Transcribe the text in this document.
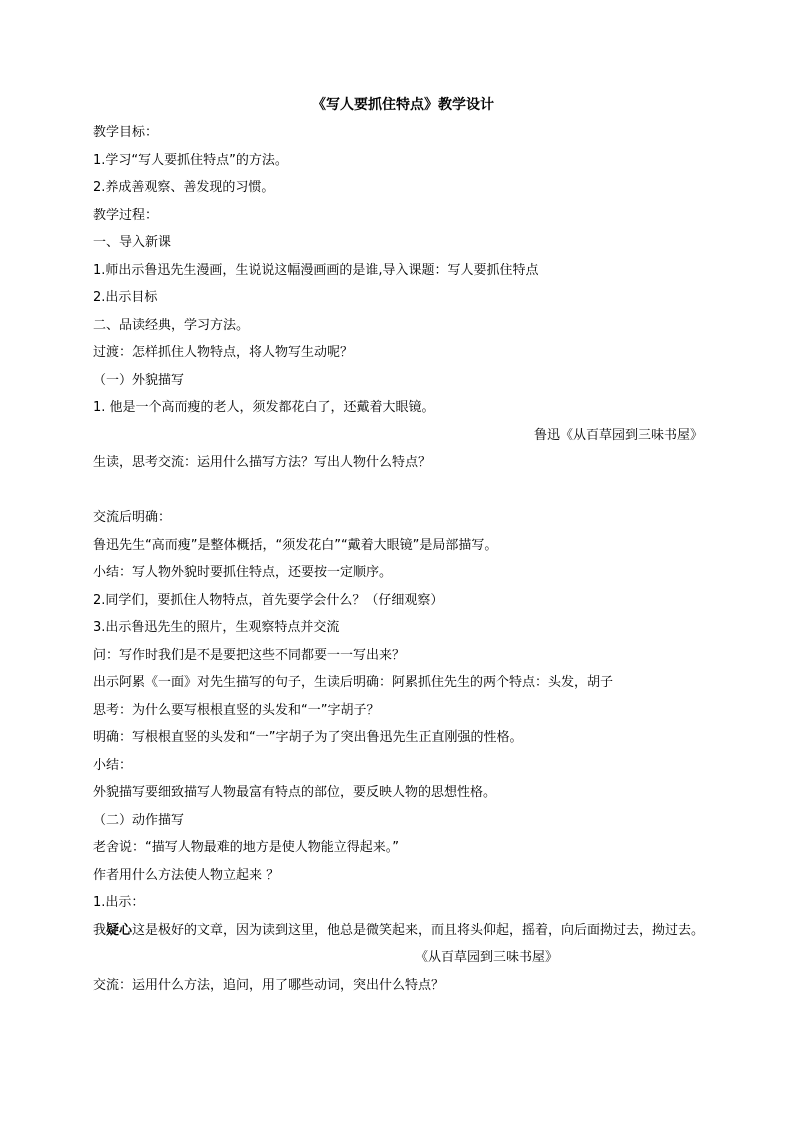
《写人要抓住特点》教学设计
教学目标：
1.学习“写人要抓住特点”的方法。
2.养成善观察、善发现的习惯。
教学过程：
一、导入新课
1.师出示鲁迅先生漫画，生说说这幅漫画画的是谁,导入课题：写人要抓住特点
2.出示目标
二、品读经典，学习方法。
过渡：怎样抓住人物特点，将人物写生动呢？
（一）外貌描写
1. 他是一个高而瘦的老人，须发都花白了，还戴着大眼镜。
鲁迅《从百草园到三味书屋》
生读，思考交流：运用什么描写方法？写出人物什么特点？
交流后明确：
鲁迅先生“高而瘦”是整体概括，“须发花白”“戴着大眼镜”是局部描写。
小结：写人物外貌时要抓住特点，还要按一定顺序。
2.同学们，要抓住人物特点，首先要学会什么？（仔细观察）
3.出示鲁迅先生的照片，生观察特点并交流
问：写作时我们是不是要把这些不同都要一一写出来？
出示阿累《一面》对先生描写的句子，生读后明确：阿累抓住先生的两个特点：头发，胡子
思考：为什么要写根根直竖的头发和“一”字胡子？
明确：写根根直竖的头发和“一”字胡子为了突出鲁迅先生正直刚强的性格。
小结：
外貌描写要细致描写人物最富有特点的部位，要反映人物的思想性格。
（二）动作描写
老舍说：“描写人物最难的地方是使人物能立得起来。”
作者用什么方法使人物立起来 ？
1.出示：
我疑心这是极好的文章，因为读到这里，他总是微笑起来，而且将头仰起，摇着，向后面拗过去，拗过去。
《从百草园到三味书屋》
交流：运用什么方法，追问，用了哪些动词，突出什么特点？
